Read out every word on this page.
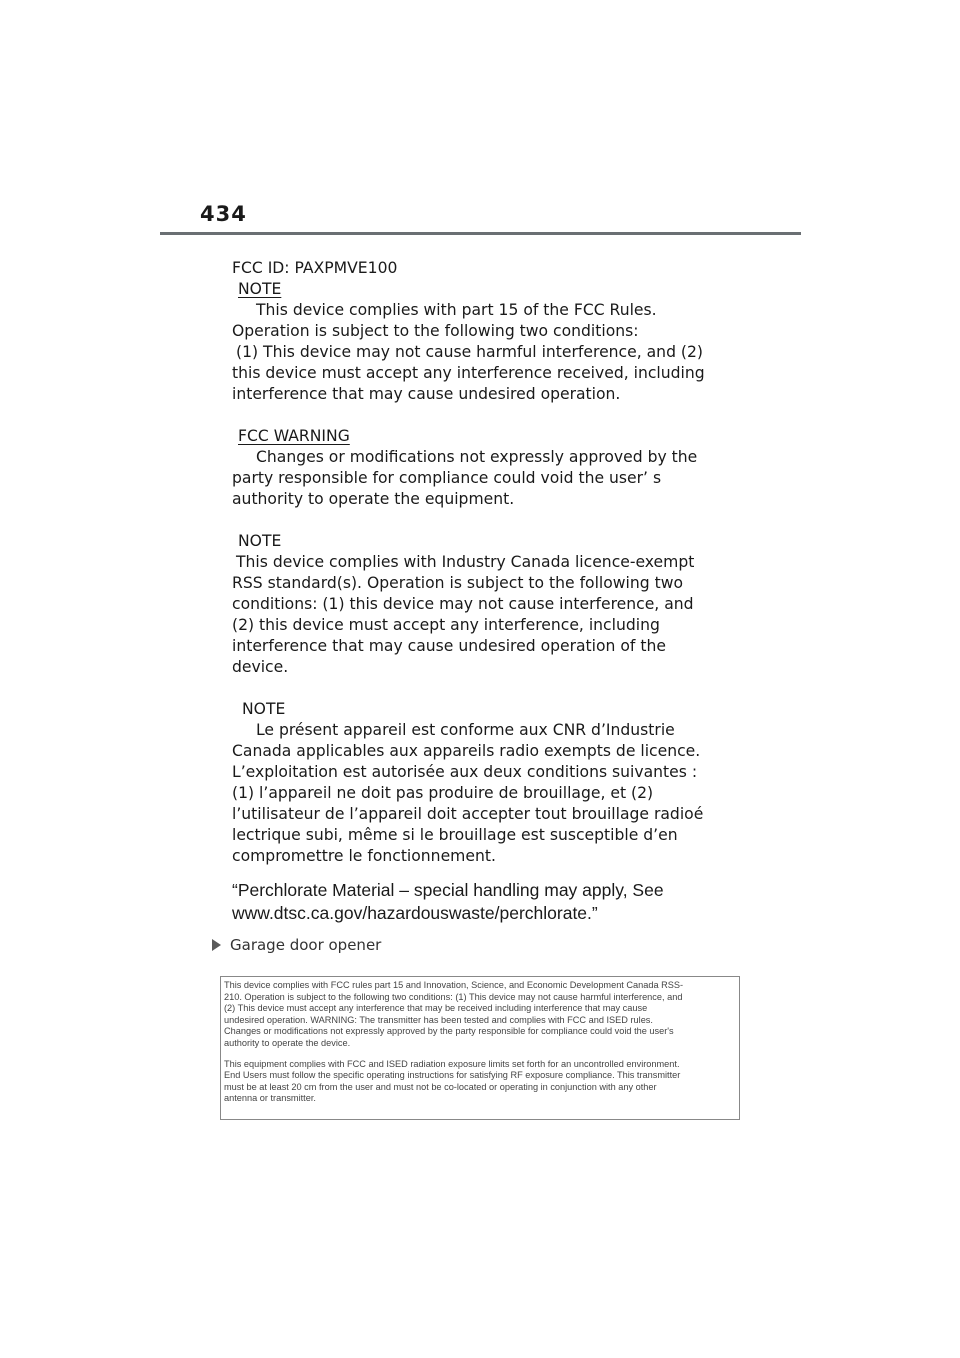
434
FCC ID: PAXPMVE100
NOTE
This device complies with part 15 of the FCC Rules.
Operation is subject to the following two conditions:
(1) This device may not cause harmful interference, and (2)
this device must accept any interference received, including
interference that may cause undesired operation.
FCC WARNING
Changes or modifications not expressly approved by the
party responsible for compliance could void the user’ s
authority to operate the equipment.
NOTE
This device complies with Industry Canada licence-exempt
RSS standard(s). Operation is subject to the following two
conditions: (1) this device may not cause interference, and
(2) this device must accept any interference, including
interference that may cause undesired operation of the
device.
NOTE
Le présent appareil est conforme aux CNR d’Industrie
Canada applicables aux appareils radio exempts de licence.
L’exploitation est autorisée aux deux conditions suivantes :
(1) l’appareil ne doit pas produire de brouillage, et (2)
l’utilisateur de l’appareil doit accepter tout brouillage radioé
lectrique subi, même si le brouillage est susceptible d’en
compromettre le fonctionnement.
“Perchlorate Material – special handling may apply, See
www.dtsc.ca.gov/hazardouswaste/perchlorate.”
Garage door opener
This device complies with FCC rules part 15 and Innovation, Science, and Economic Development Canada RSS-
210. Operation is subject to the following two conditions: (1) This device may not cause harmful interference, and
(2) This device must accept any interference that may be received including interference that may cause
undesired operation. WARNING: The transmitter has been tested and complies with FCC and ISED rules.
Changes or modifications not expressly approved by the party responsible for compliance could void the user's
authority to operate the device.
This equipment complies with FCC and ISED radiation exposure limits set forth for an uncontrolled environment.
End Users must follow the specific operating instructions for satisfying RF exposure compliance. This transmitter
must be at least 20 cm from the user and must not be co-located or operating in conjunction with any other
antenna or transmitter.
